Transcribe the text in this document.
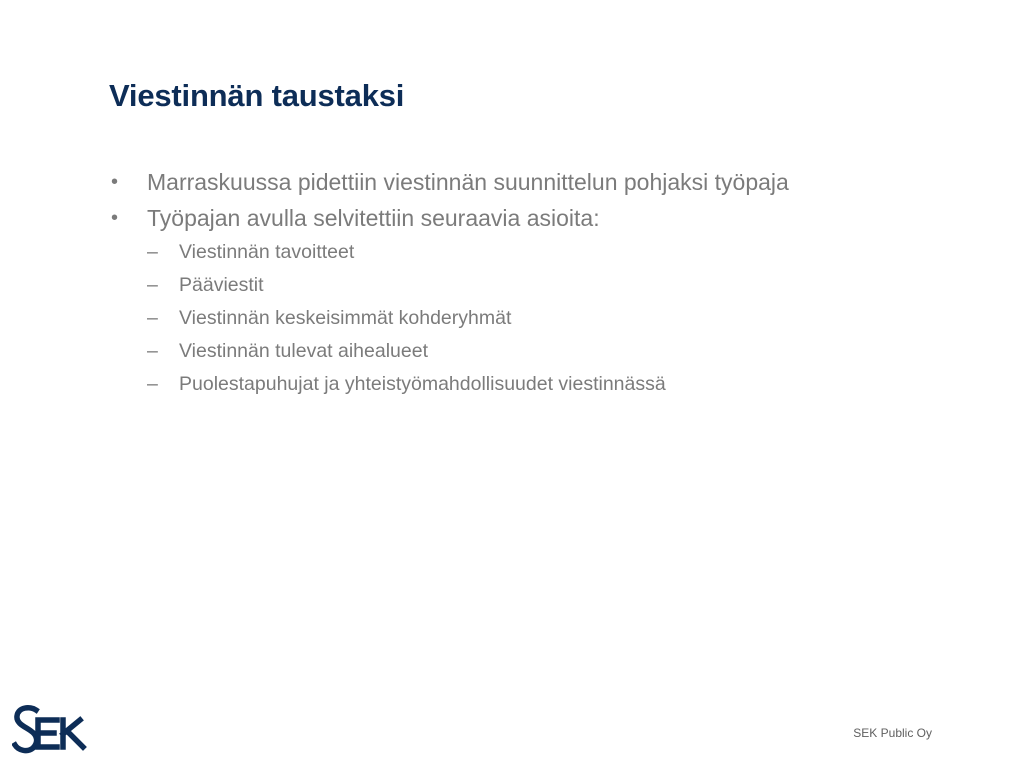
Viestinnän taustaksi
• Marraskuussa pidettiin viestinnän suunnittelun pohjaksi työpaja
• Työpajan avulla selvitettiin seuraavia asioita:
– Viestinnän tavoitteet
– Pääviestit
– Viestinnän keskeisimmät kohderyhmät
– Viestinnän tulevat aihealueet
– Puolestapuhujat ja yhteistyömahdollisuudet viestinnässä
SEK Public Oy
